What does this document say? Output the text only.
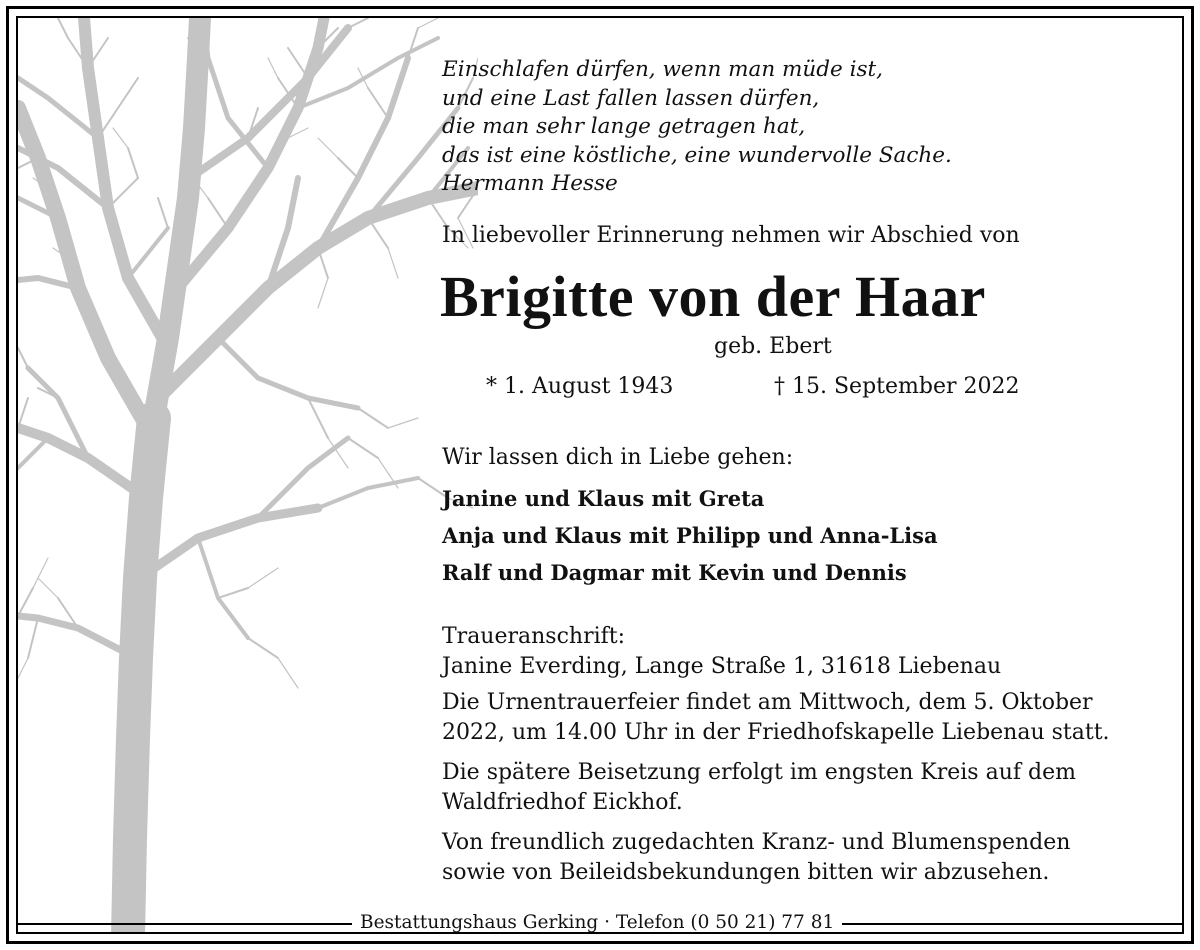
Einschlafen dürfen, wenn man müde ist,
und eine Last fallen lassen dürfen,
die man sehr lange getragen hat,
das ist eine köstliche, eine wundervolle Sache.
Hermann Hesse
In liebevoller Erinnerung nehmen wir Abschied von
Brigitte von der Haar
geb. Ebert
* 1. August 1943	† 15. September 2022
Wir lassen dich in Liebe gehen:
Janine und Klaus mit Greta
Anja und Klaus mit Philipp und Anna-Lisa
Ralf und Dagmar mit Kevin und Dennis
Traueranschrift:
Janine Everding, Lange Straße 1, 31618 Liebenau
Die Urnentrauerfeier findet am Mittwoch, dem 5. Oktober
2022, um 14.00 Uhr in der Friedhofskapelle Liebenau statt.
Die spätere Beisetzung erfolgt im engsten Kreis auf dem
Waldfriedhof Eickhof.
Von freundlich zugedachten Kranz- und Blumenspenden
sowie von Beileidsbekundungen bitten wir abzusehen.
Bestattungshaus Gerking · Telefon (0 50 21) 77 81
